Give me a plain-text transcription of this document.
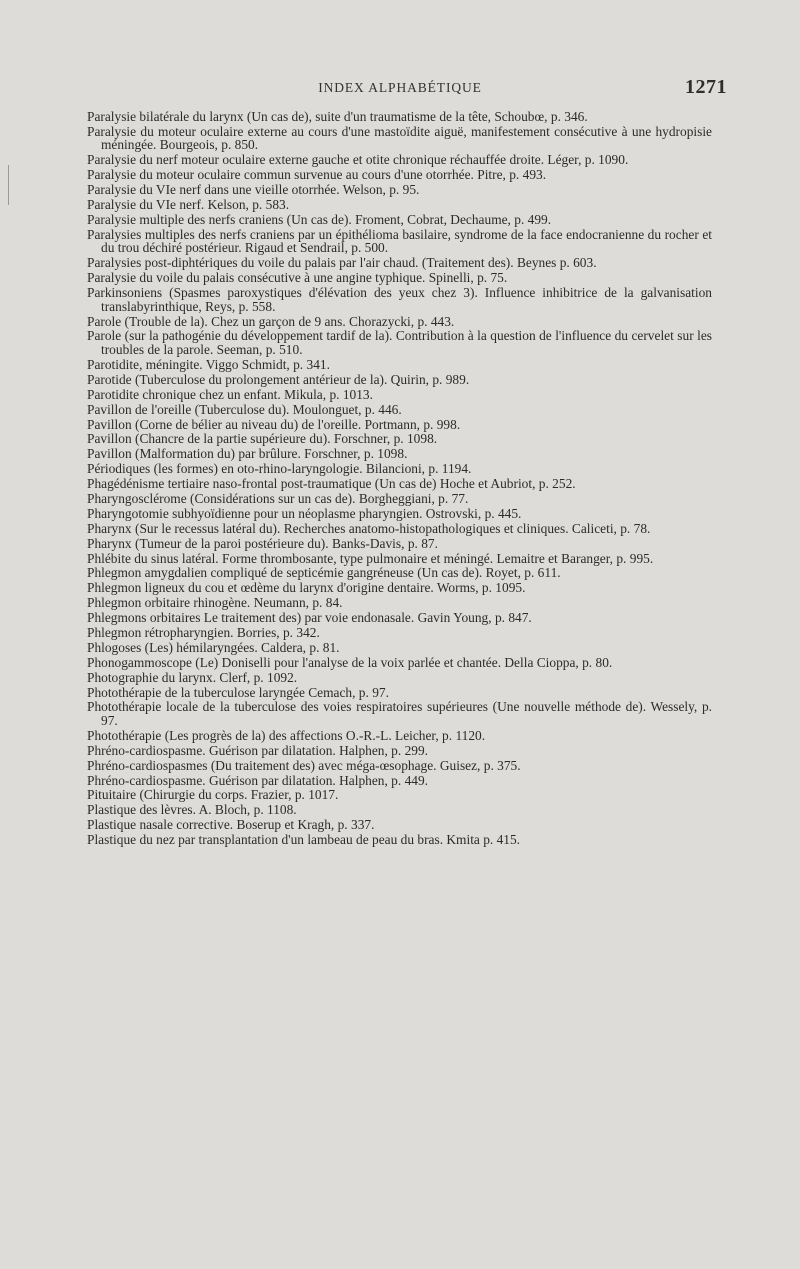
INDEX ALPHABÉTIQUE	1271

Paralysie bilatérale du larynx (Un cas de), suite d'un traumatisme de la tête, Schoubœ, p. 346.

Paralysie du moteur oculaire externe au cours d'une mastoïdite aiguë, manifestement consécutive à une hydropisie méningée. Bourgeois, p. 850.

Paralysie du nerf moteur oculaire externe gauche et otite chronique réchauffée droite. Léger, p. 1090.

Paralysie du moteur oculaire commun survenue au cours d'une otorrhée. Pitre, p. 493.

Paralysie du VIe nerf dans une vieille otorrhée. Welson, p. 95.

Paralysie du VIe nerf. Kelson, p. 583.

Paralysie multiple des nerfs craniens (Un cas de). Froment, Cobrat, Dechaume, p. 499.

Paralysies multiples des nerfs craniens par un épithélioma basilaire, syndrome de la face endocranienne du rocher et du trou déchiré postérieur. Rigaud et Sendrail, p. 500.

Paralysies post-diphtériques du voile du palais par l'air chaud. (Traitement des). Beynes p. 603.

Paralysie du voile du palais consécutive à une angine typhique. Spinelli, p. 75.

Parkinsoniens (Spasmes paroxystiques d'élévation des yeux chez 3). Influence inhibitrice de la galvanisation translabyrinthique, Reys, p. 558.

Parole (Trouble de la). Chez un garçon de 9 ans. Chorazycki, p. 443.

Parole (sur la pathogénie du développement tardif de la). Contribution à la question de l'influence du cervelet sur les troubles de la parole. Seeman, p. 510.

Parotidite, méningite. Viggo Schmidt, p. 341.

Parotide (Tuberculose du prolongement antérieur de la). Quirin, p. 989.

Parotidite chronique chez un enfant. Mikula, p. 1013.

Pavillon de l'oreille (Tuberculose du). Moulonguet, p. 446.

Pavillon (Corne de bélier au niveau du) de l'oreille. Portmann, p. 998.

Pavillon (Chancre de la partie supérieure du). Forschner, p. 1098.

Pavillon (Malformation du) par brûlure. Forschner, p. 1098.

Périodiques (les formes) en oto-rhino-laryngologie. Bilancioni, p. 1194.

Phagédénisme tertiaire naso-frontal post-traumatique (Un cas de) Hoche et Aubriot, p. 252.

Pharyngosclérome (Considérations sur un cas de). Borgheggiani, p. 77.

Pharyngotomie subhyoïdienne pour un néoplasme pharyngien. Ostrovski, p. 445.

Pharynx (Sur le recessus latéral du). Recherches anatomo-histopathologiques et cliniques. Caliceti, p. 78.

Pharynx (Tumeur de la paroi postérieure du). Banks-Davis, p. 87.

Phlébite du sinus latéral. Forme thrombosante, type pulmonaire et méningé. Lemaitre et Baranger, p. 995.

Phlegmon amygdalien compliqué de septicémie gangréneuse (Un cas de). Royet, p. 611.

Phlegmon ligneux du cou et œdème du larynx d'origine dentaire. Worms, p. 1095.

Phlegmon orbitaire rhinogène. Neumann, p. 84.

Phlegmons orbitaires Le traitement des) par voie endonasale. Gavin Young, p. 847.

Phlegmon rétropharyngien. Borries, p. 342.

Phlogoses (Les) hémilaryngées. Caldera, p. 81.

Phonogammoscope (Le) Doniselli pour l'analyse de la voix parlée et chantée. Della Cioppa, p. 80.

Photographie du larynx. Clerf, p. 1092.

Photothérapie de la tuberculose laryngée Cemach, p. 97.

Photothérapie locale de la tuberculose des voies respiratoires supérieures (Une nouvelle méthode de). Wessely, p. 97.

Photothérapie (Les progrès de la) des affections O.-R.-L. Leicher, p. 1120.

Phréno-cardiospasme. Guérison par dilatation. Halphen, p. 299.

Phréno-cardiospasmes (Du traitement des) avec méga-œsophage. Guisez, p. 375.

Phréno-cardiospasme. Guérison par dilatation. Halphen, p. 449.

Pituitaire (Chirurgie du corps. Frazier, p. 1017.

Plastique des lèvres. A. Bloch, p. 1108.

Plastique nasale corrective. Boserup et Kragh, p. 337.

Plastique du nez par transplantation d'un lambeau de peau du bras. Kmita p. 415.
